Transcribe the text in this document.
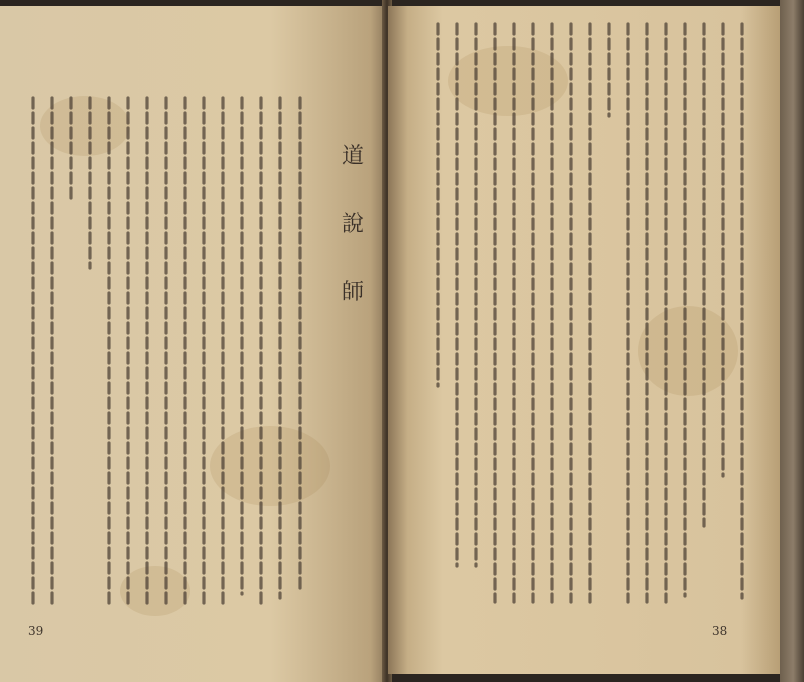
道
說
師
39	38
